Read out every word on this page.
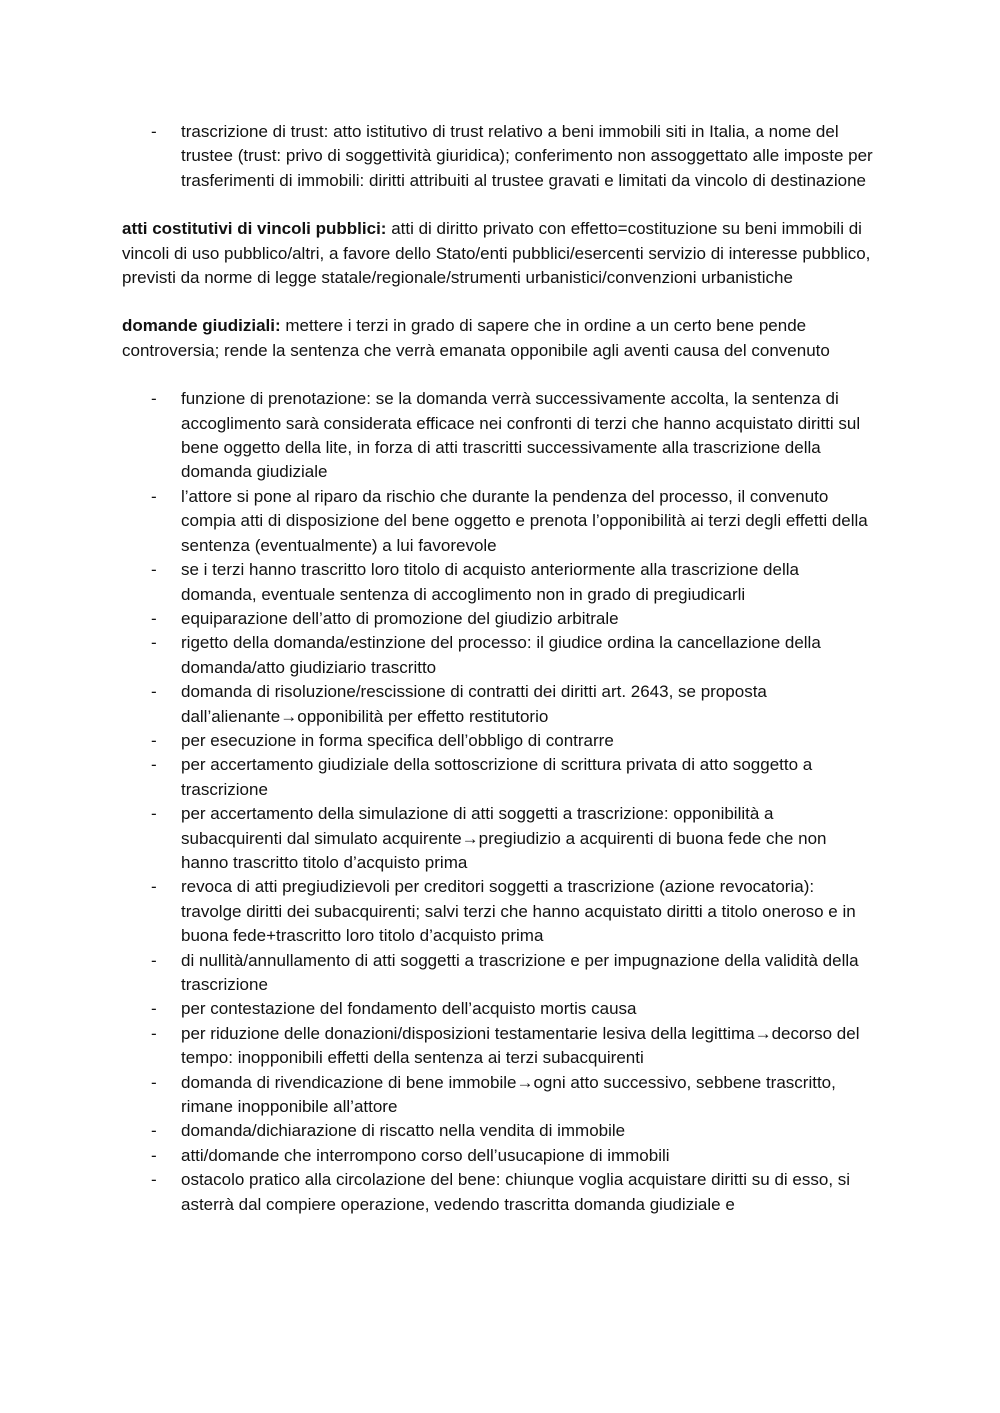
- trascrizione di trust: atto istitutivo di trust relativo a beni immobili siti in Italia, a nome del trustee (trust: privo di soggettività giuridica); conferimento non assoggettato alle imposte per trasferimenti di immobili: diritti attribuiti al trustee gravati e limitati da vincolo di destinazione

atti costitutivi di vincoli pubblici: atti di diritto privato con effetto=costituzione su beni immobili di vincoli di uso pubblico/altri, a favore dello Stato/enti pubblici/esercenti servizio di interesse pubblico, previsti da norme di legge statale/regionale/strumenti urbanistici/convenzioni urbanistiche

domande giudiziali: mettere i terzi in grado di sapere che in ordine a un certo bene pende controversia; rende la sentenza che verrà emanata opponibile agli aventi causa del convenuto

- funzione di prenotazione: se la domanda verrà successivamente accolta, la sentenza di accoglimento sarà considerata efficace nei confronti di terzi che hanno acquistato diritti sul bene oggetto della lite, in forza di atti trascritti successivamente alla trascrizione della domanda giudiziale
- l’attore si pone al riparo da rischio che durante la pendenza del processo, il convenuto compia atti di disposizione del bene oggetto e prenota l’opponibilità ai terzi degli effetti della sentenza (eventualmente) a lui favorevole
- se i terzi hanno trascritto loro titolo di acquisto anteriormente alla trascrizione della domanda, eventuale sentenza di accoglimento non in grado di pregiudicarli
- equiparazione dell’atto di promozione del giudizio arbitrale
- rigetto della domanda/estinzione del processo: il giudice ordina la cancellazione della domanda/atto giudiziario trascritto
- domanda di risoluzione/rescissione di contratti dei diritti art. 2643, se proposta dall’alienante→opponibilità per effetto restitutorio
- per esecuzione in forma specifica dell’obbligo di contrarre
- per accertamento giudiziale della sottoscrizione di scrittura privata di atto soggetto a trascrizione
- per accertamento della simulazione di atti soggetti a trascrizione: opponibilità a subacquirenti dal simulato acquirente→pregiudizio a acquirenti di buona fede che non hanno trascritto titolo d’acquisto prima
- revoca di atti pregiudizievoli per creditori soggetti a trascrizione (azione revocatoria): travolge diritti dei subacquirenti; salvi terzi che hanno acquistato diritti a titolo oneroso e in buona fede+trascritto loro titolo d’acquisto prima
- di nullità/annullamento di atti soggetti a trascrizione e per impugnazione della validità della trascrizione
- per contestazione del fondamento dell’acquisto mortis causa
- per riduzione delle donazioni/disposizioni testamentarie lesiva della legittima→decorso del tempo: inopponibili effetti della sentenza ai terzi subacquirenti
- domanda di rivendicazione di bene immobile→ogni atto successivo, sebbene trascritto, rimane inopponibile all’attore
- domanda/dichiarazione di riscatto nella vendita di immobile
- atti/domande che interrompono corso dell’usucapione di immobili
- ostacolo pratico alla circolazione del bene: chiunque voglia acquistare diritti su di esso, si asterrà dal compiere operazione, vedendo trascritta domanda giudiziale e
